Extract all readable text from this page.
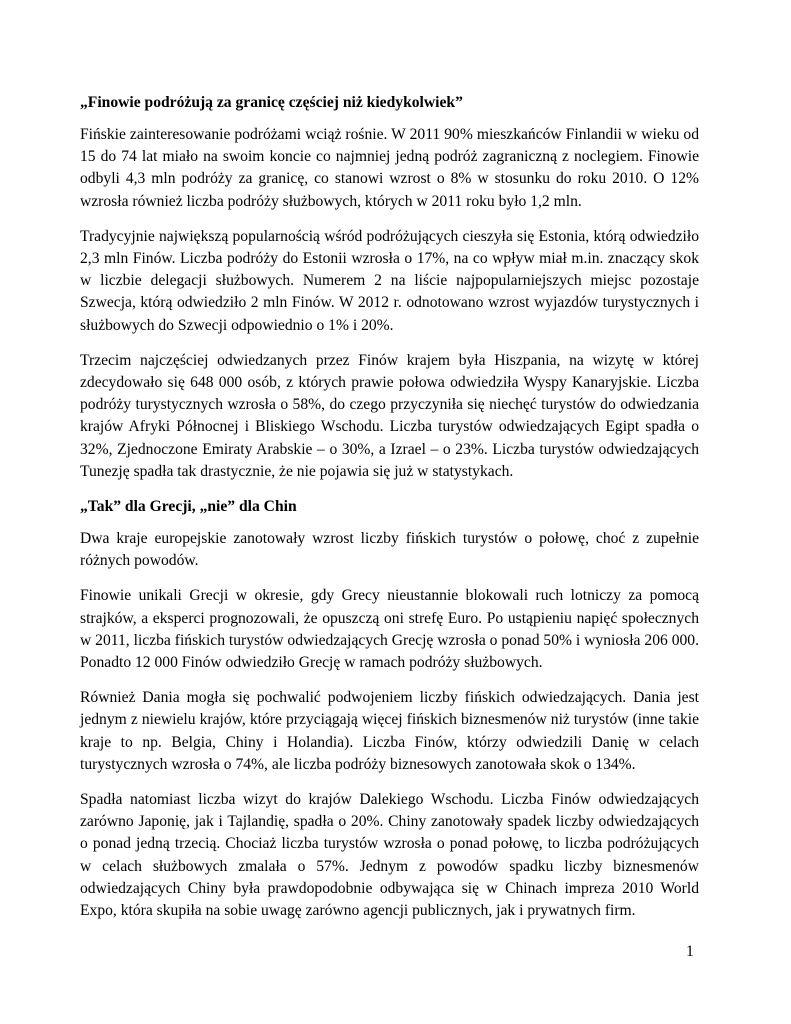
„Finowie podróżują za granicę częściej niż kiedykolwiek”

Fińskie zainteresowanie podróżami wciąż rośnie. W 2011 90% mieszkańców Finlandii w wieku od 15 do 74 lat miało na swoim koncie co najmniej jedną podróż zagraniczną z noclegiem. Finowie odbyli 4,3 mln podróży za granicę, co stanowi wzrost o 8% w stosunku do roku 2010. O 12% wzrosła również liczba podróży służbowych, których w 2011 roku było 1,2 mln.

Tradycyjnie największą popularnością wśród podróżujących cieszyła się Estonia, którą odwiedziło 2,3 mln Finów. Liczba podróży do Estonii wzrosła o 17%, na co wpływ miał m.in. znaczący skok w liczbie delegacji służbowych. Numerem 2 na liście najpopularniejszych miejsc pozostaje Szwecja, którą odwiedziło 2 mln Finów. W 2012 r. odnotowano wzrost wyjazdów turystycznych i służbowych do Szwecji odpowiednio o 1% i 20%.

Trzecim najczęściej odwiedzanych przez Finów krajem była Hiszpania, na wizytę w której zdecydowało się 648 000 osób, z których prawie połowa odwiedziła Wyspy Kanaryjskie. Liczba podróży turystycznych wzrosła o 58%, do czego przyczyniła się niechęć turystów do odwiedzania krajów Afryki Północnej i Bliskiego Wschodu. Liczba turystów odwiedzających Egipt spadła o 32%, Zjednoczone Emiraty Arabskie – o 30%, a Izrael – o 23%. Liczba turystów odwiedzających Tunezję spadła tak drastycznie, że nie pojawia się już w statystykach.

„Tak” dla Grecji, „nie” dla Chin

Dwa kraje europejskie zanotowały wzrost liczby fińskich turystów o połowę, choć z zupełnie różnych powodów.

Finowie unikali Grecji w okresie, gdy Grecy nieustannie blokowali ruch lotniczy za pomocą strajków, a eksperci prognozowali, że opuszczą oni strefę Euro. Po ustąpieniu napięć społecznych w 2011, liczba fińskich turystów odwiedzających Grecję wzrosła o ponad 50% i wyniosła 206 000. Ponadto 12 000 Finów odwiedziło Grecję w ramach podróży służbowych.

Również Dania mogła się pochwalić podwojeniem liczby fińskich odwiedzających. Dania jest jednym z niewielu krajów, które przyciągają więcej fińskich biznesmenów niż turystów (inne takie kraje to np. Belgia, Chiny i Holandia). Liczba Finów, którzy odwiedzili Danię w celach turystycznych wzrosła o 74%, ale liczba podróży biznesowych zanotowała skok o 134%.

Spadła natomiast liczba wizyt do krajów Dalekiego Wschodu. Liczba Finów odwiedzających zarówno Japonię, jak i Tajlandię, spadła o 20%. Chiny zanotowały spadek liczby odwiedzających o ponad jedną trzecią. Chociaż liczba turystów wzrosła o ponad połowę, to liczba podróżujących w celach służbowych zmalała o 57%. Jednym z powodów spadku liczby biznesmenów odwiedzających Chiny była prawdopodobnie odbywająca się w Chinach impreza 2010 World Expo, która skupiła na sobie uwagę zarówno agencji publicznych, jak i prywatnych firm.

1
